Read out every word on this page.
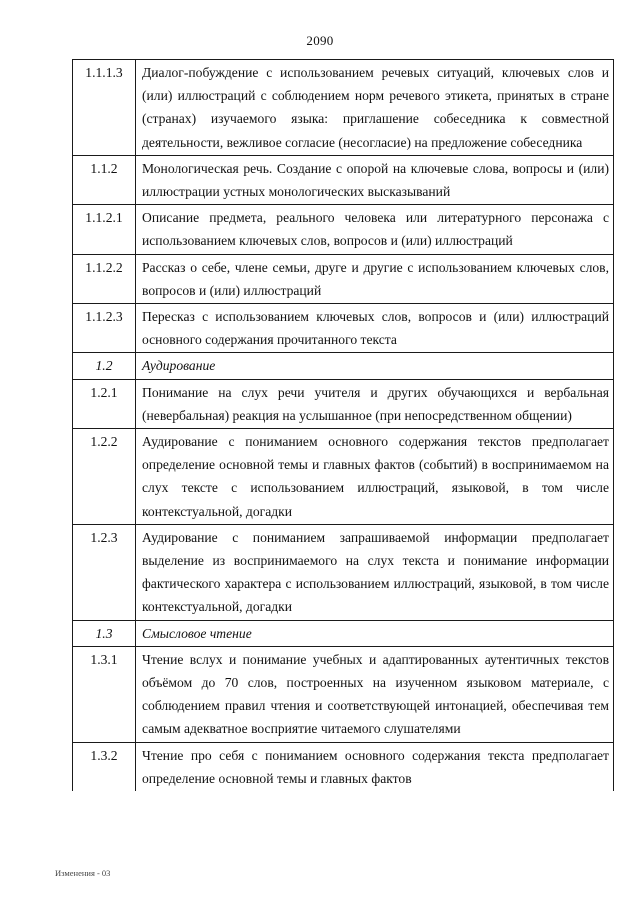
2090
1.1.1.3	Диалог-побуждение с использованием речевых ситуаций, ключевых слов и (или) иллюстраций с соблюдением норм речевого этикета, принятых в стране (странах) изучаемого языка: приглашение собеседника к совместной деятельности, вежливое согласие (несогласие) на предложение собеседника
1.1.2	Монологическая речь. Создание с опорой на ключевые слова, вопросы и (или) иллюстрации устных монологических высказываний
1.1.2.1	Описание предмета, реального человека или литературного персонажа с использованием ключевых слов, вопросов и (или) иллюстраций
1.1.2.2	Рассказ о себе, члене семьи, друге и другие с использованием ключевых слов, вопросов и (или) иллюстраций
1.1.2.3	Пересказ с использованием ключевых слов, вопросов и (или) иллюстраций основного содержания прочитанного текста
1.2	Аудирование
1.2.1	Понимание на слух речи учителя и других обучающихся и вербальная (невербальная) реакция на услышанное (при непосредственном общении)
1.2.2	Аудирование с пониманием основного содержания текстов предполагает определение основной темы и главных фактов (событий) в воспринимаемом на слух тексте с использованием иллюстраций, языковой, в том числе контекстуальной, догадки
1.2.3	Аудирование с пониманием запрашиваемой информации предполагает выделение из воспринимаемого на слух текста и понимание информации фактического характера с использованием иллюстраций, языковой, в том числе контекстуальной, догадки
1.3	Смысловое чтение
1.3.1	Чтение вслух и понимание учебных и адаптированных аутентичных текстов объёмом до 70 слов, построенных на изученном языковом материале, с соблюдением правил чтения и соответствующей интонацией, обеспечивая тем самым адекватное восприятие читаемого слушателями
1.3.2	Чтение про себя с пониманием основного содержания текста предполагает определение основной темы и главных фактов
Изменения - 03
